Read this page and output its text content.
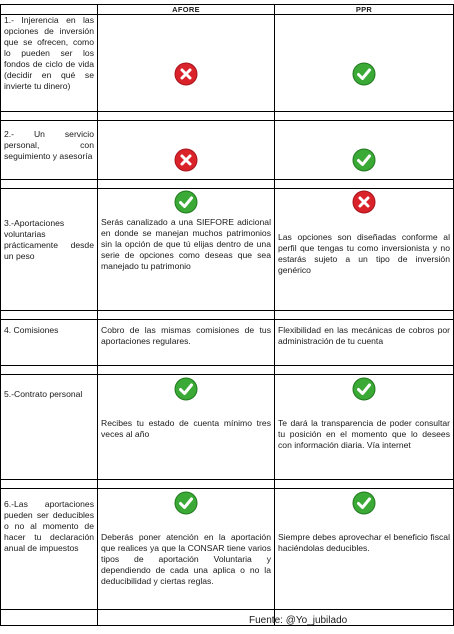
	AFORE	PPR
1.- Injerencia en las opciones de inversión que se ofrecen, como lo pueden ser los fondos de ciclo de vida (decidir en qué se invierte tu dinero)	

2.- Un servicio personal, con seguimiento y asesoría	

3.-Aportaciones voluntarias prácticamente desde un peso	Serás canalizado a una SIEFORE adicional en donde se manejan muchos patrimonios sin la opción de que tú elijas dentro de una serie de opciones como deseas que sea manejado tu patrimonio	Las opciones son diseñadas conforme al perfil que tengas tu como inversionista y no estarás sujeto a un tipo de inversión genérico

4. Comisiones	Cobro de las mismas comisiones de tus aportaciones regulares.	Flexibilidad en las mecánicas de cobros por administración de tu cuenta

5.-Contrato personal	Recibes tu estado de cuenta mínimo tres veces al año	Te dará la transparencia de poder consultar tu posición en el momento que lo desees con información diaria. Vía internet

6.-Las aportaciones pueden ser deducibles o no al momento de hacer tu declaración anual de impuestos	Deberás poner atención en la aportación que realices ya que la CONSAR tiene varios tipos de aportación Voluntaria y dependiendo de cada una aplica o no la deducibilidad y ciertas reglas.	Siempre debes aprovechar el beneficio fiscal haciéndolas deducibles.

Fuente: @Yo_jubilado
